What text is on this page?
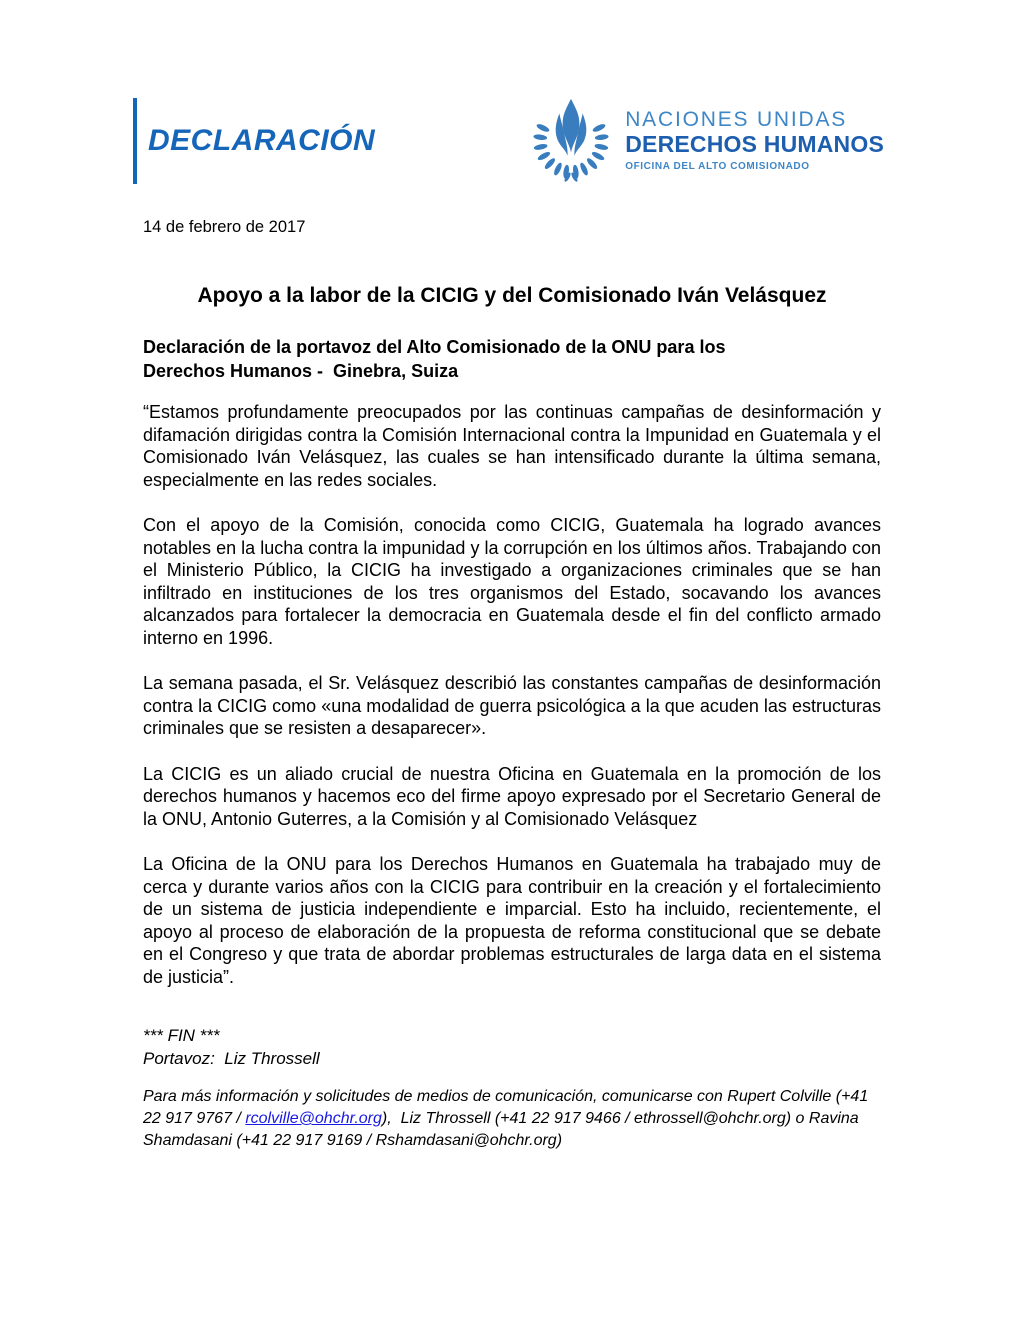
DECLARACIÓN
NACIONES UNIDAS
DERECHOS HUMANOS
OFICINA DEL ALTO COMISIONADO
14 de febrero de 2017
Apoyo a la labor de la CICIG y del Comisionado Iván Velásquez
Declaración de la portavoz del Alto Comisionado de la ONU para los
Derechos Humanos -  Ginebra, Suiza

“Estamos profundamente preocupados por las continuas campañas de desinformación y difamación dirigidas contra la Comisión Internacional contra la Impunidad en Guatemala y el Comisionado Iván Velásquez, las cuales se han intensificado durante la última semana, especialmente en las redes sociales.

Con el apoyo de la Comisión, conocida como CICIG, Guatemala ha logrado avances notables en la lucha contra la impunidad y la corrupción en los últimos años. Trabajando con el Ministerio Público, la CICIG ha investigado a organizaciones criminales que se han infiltrado en instituciones de los tres organismos del Estado, socavando los avances alcanzados para fortalecer la democracia en Guatemala desde el fin del conflicto armado interno en 1996.

La semana pasada, el Sr. Velásquez describió las constantes campañas de desinformación contra la CICIG como «una modalidad de guerra psicológica a la que acuden las estructuras criminales que se resisten a desaparecer».

La CICIG es un aliado crucial de nuestra Oficina en Guatemala en la promoción de los derechos humanos y hacemos eco del firme apoyo expresado por el Secretario General de la ONU, Antonio Guterres, a la Comisión y al Comisionado Velásquez

La Oficina de la ONU para los Derechos Humanos en Guatemala ha trabajado muy de cerca y durante varios años con la CICIG para contribuir en la creación y el fortalecimiento de un sistema de justicia independiente e imparcial. Esto ha incluido, recientemente, el apoyo al proceso de elaboración de la propuesta de reforma constitucional que se debate en el Congreso y que trata de abordar problemas estructurales de larga data en el sistema de justicia”.

*** FIN ***
Portavoz:  Liz Throssell

Para más información y solicitudes de medios de comunicación, comunicarse con Rupert Colville (+41 22 917 9767 / rcolville@ohchr.org),  Liz Throssell (+41 22 917 9466 / ethrossell@ohchr.org) o Ravina Shamdasani (+41 22 917 9169 / Rshamdasani@ohchr.org)
